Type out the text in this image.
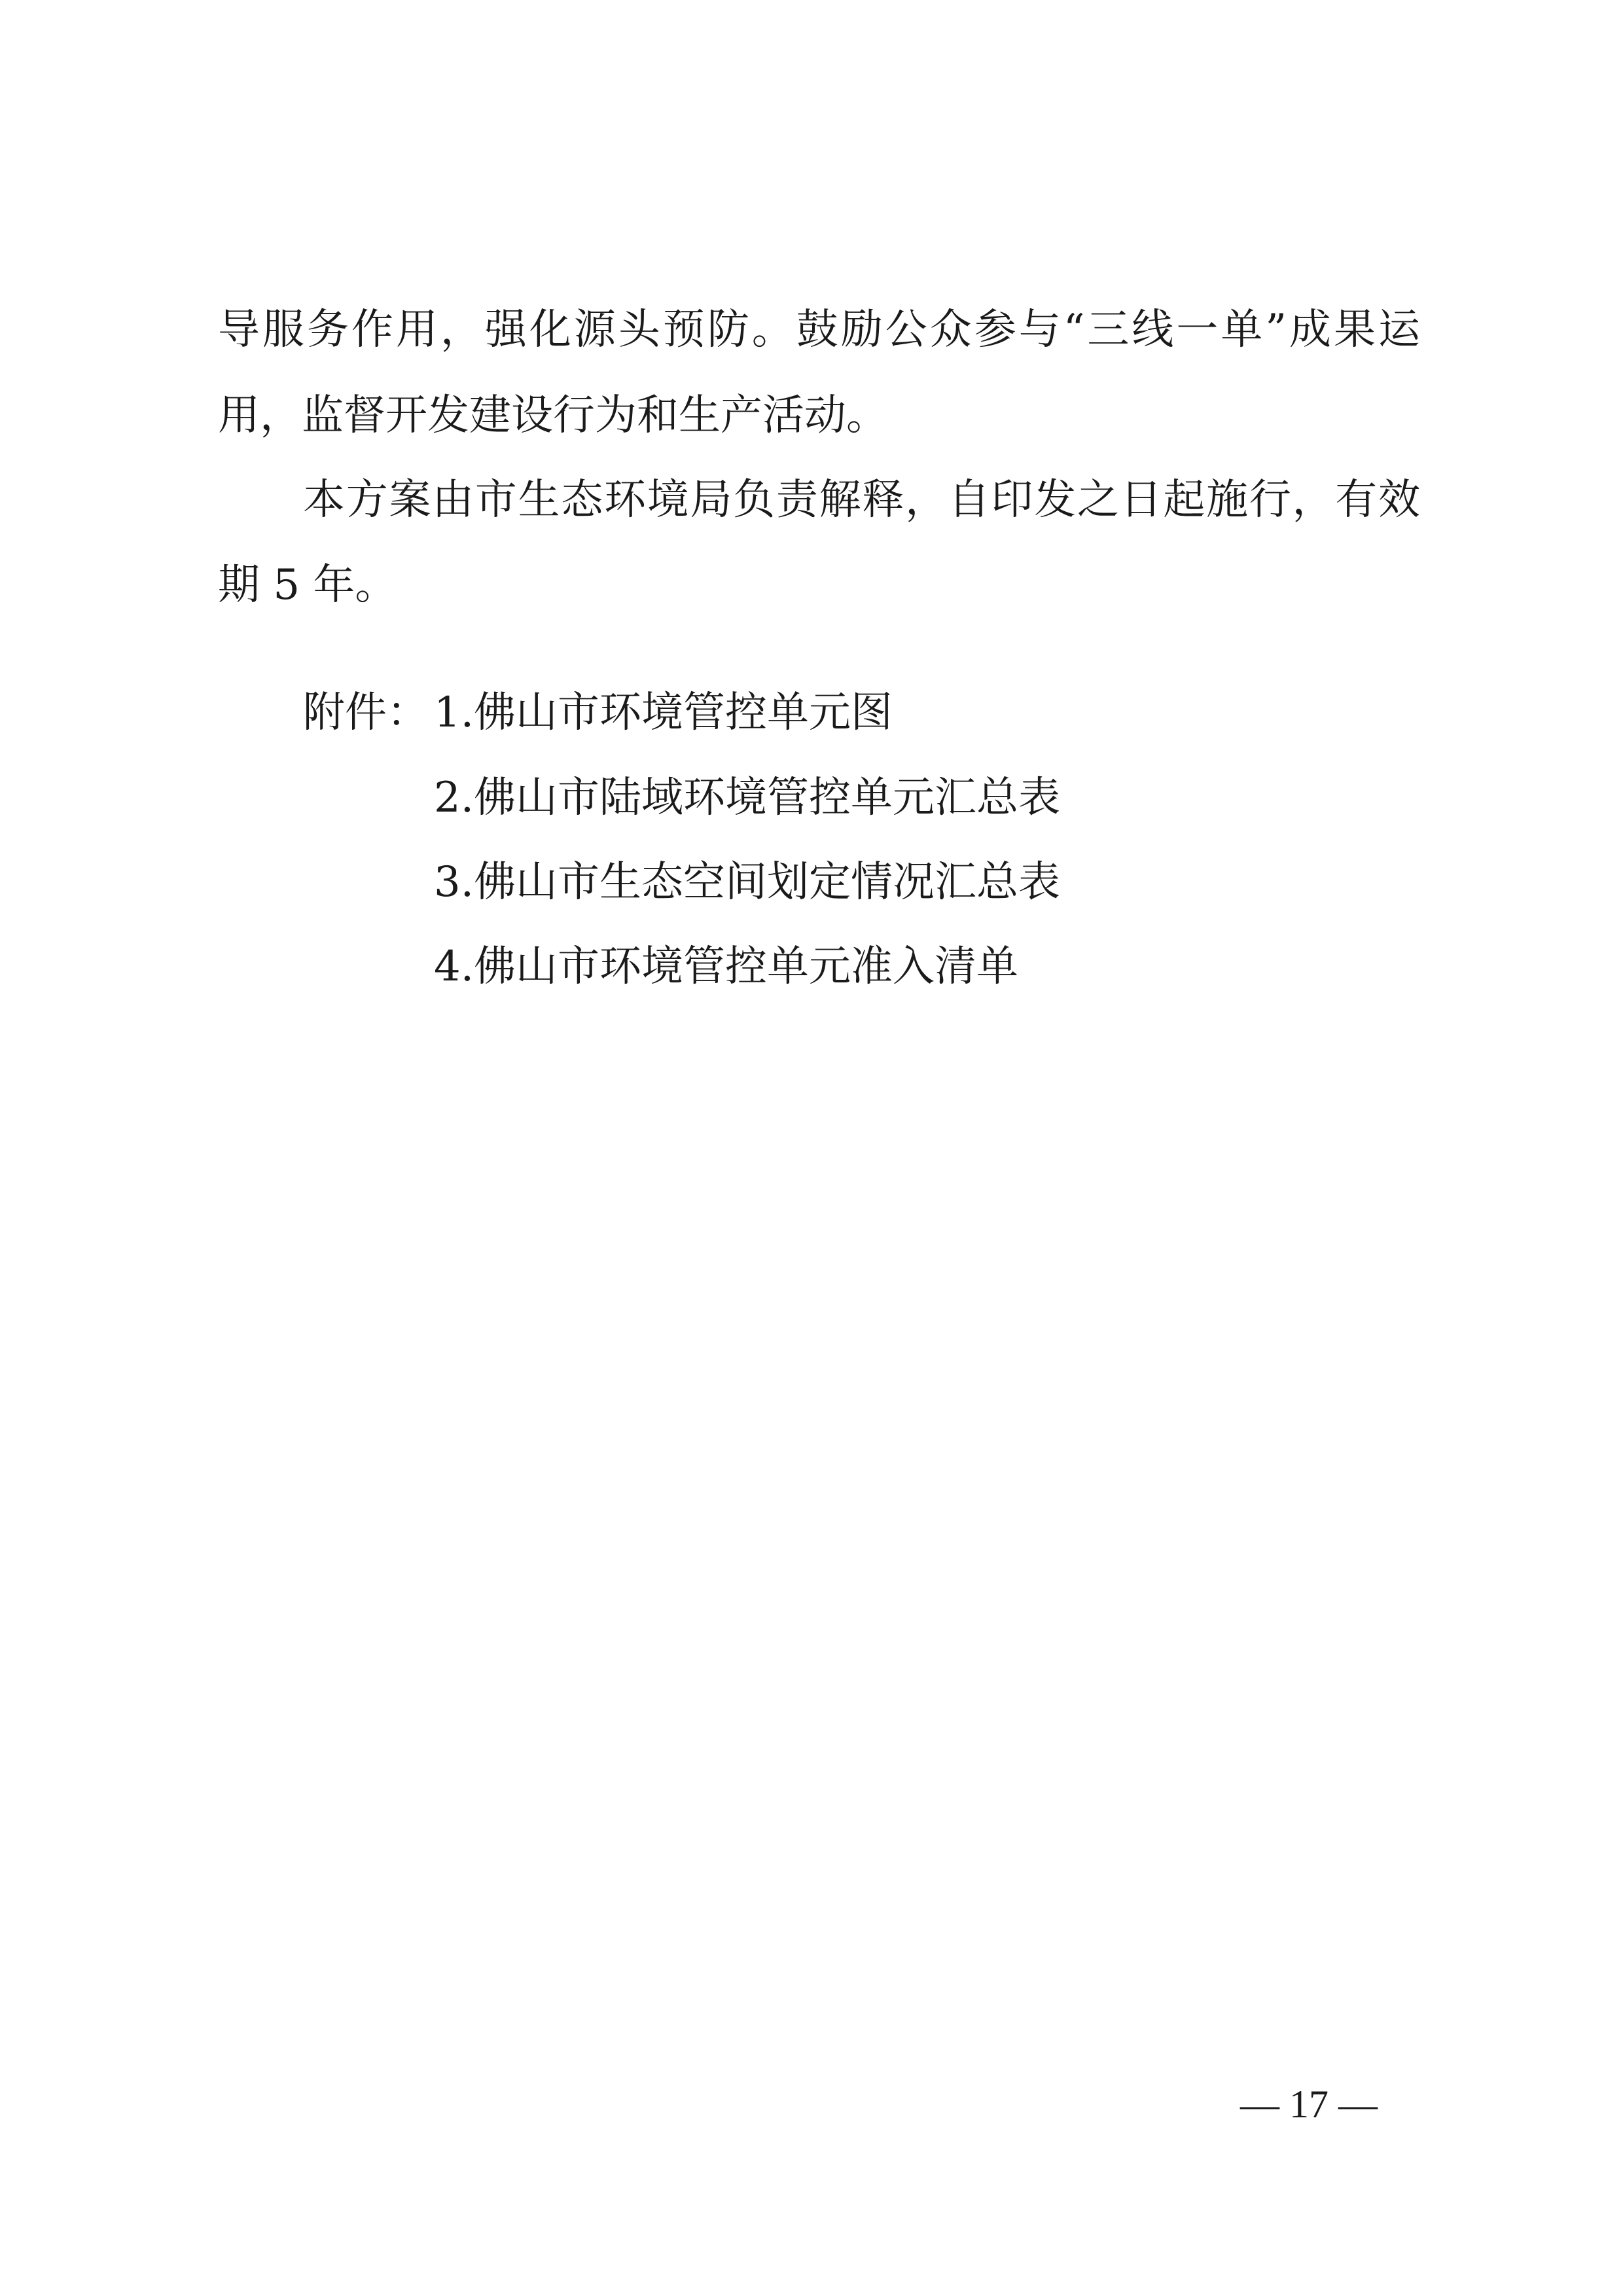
导服务作用，强化源头预防。鼓励公众参与“三线一单”成果运
用，监督开发建设行为和生产活动。
本方案由市生态环境局负责解释，自印发之日起施行，有效
期 5 年。
附件： 1.佛山市环境管控单元图
2.佛山市陆域环境管控单元汇总表
3.佛山市生态空间划定情况汇总表
4.佛山市环境管控单元准入清单
— 17 —
